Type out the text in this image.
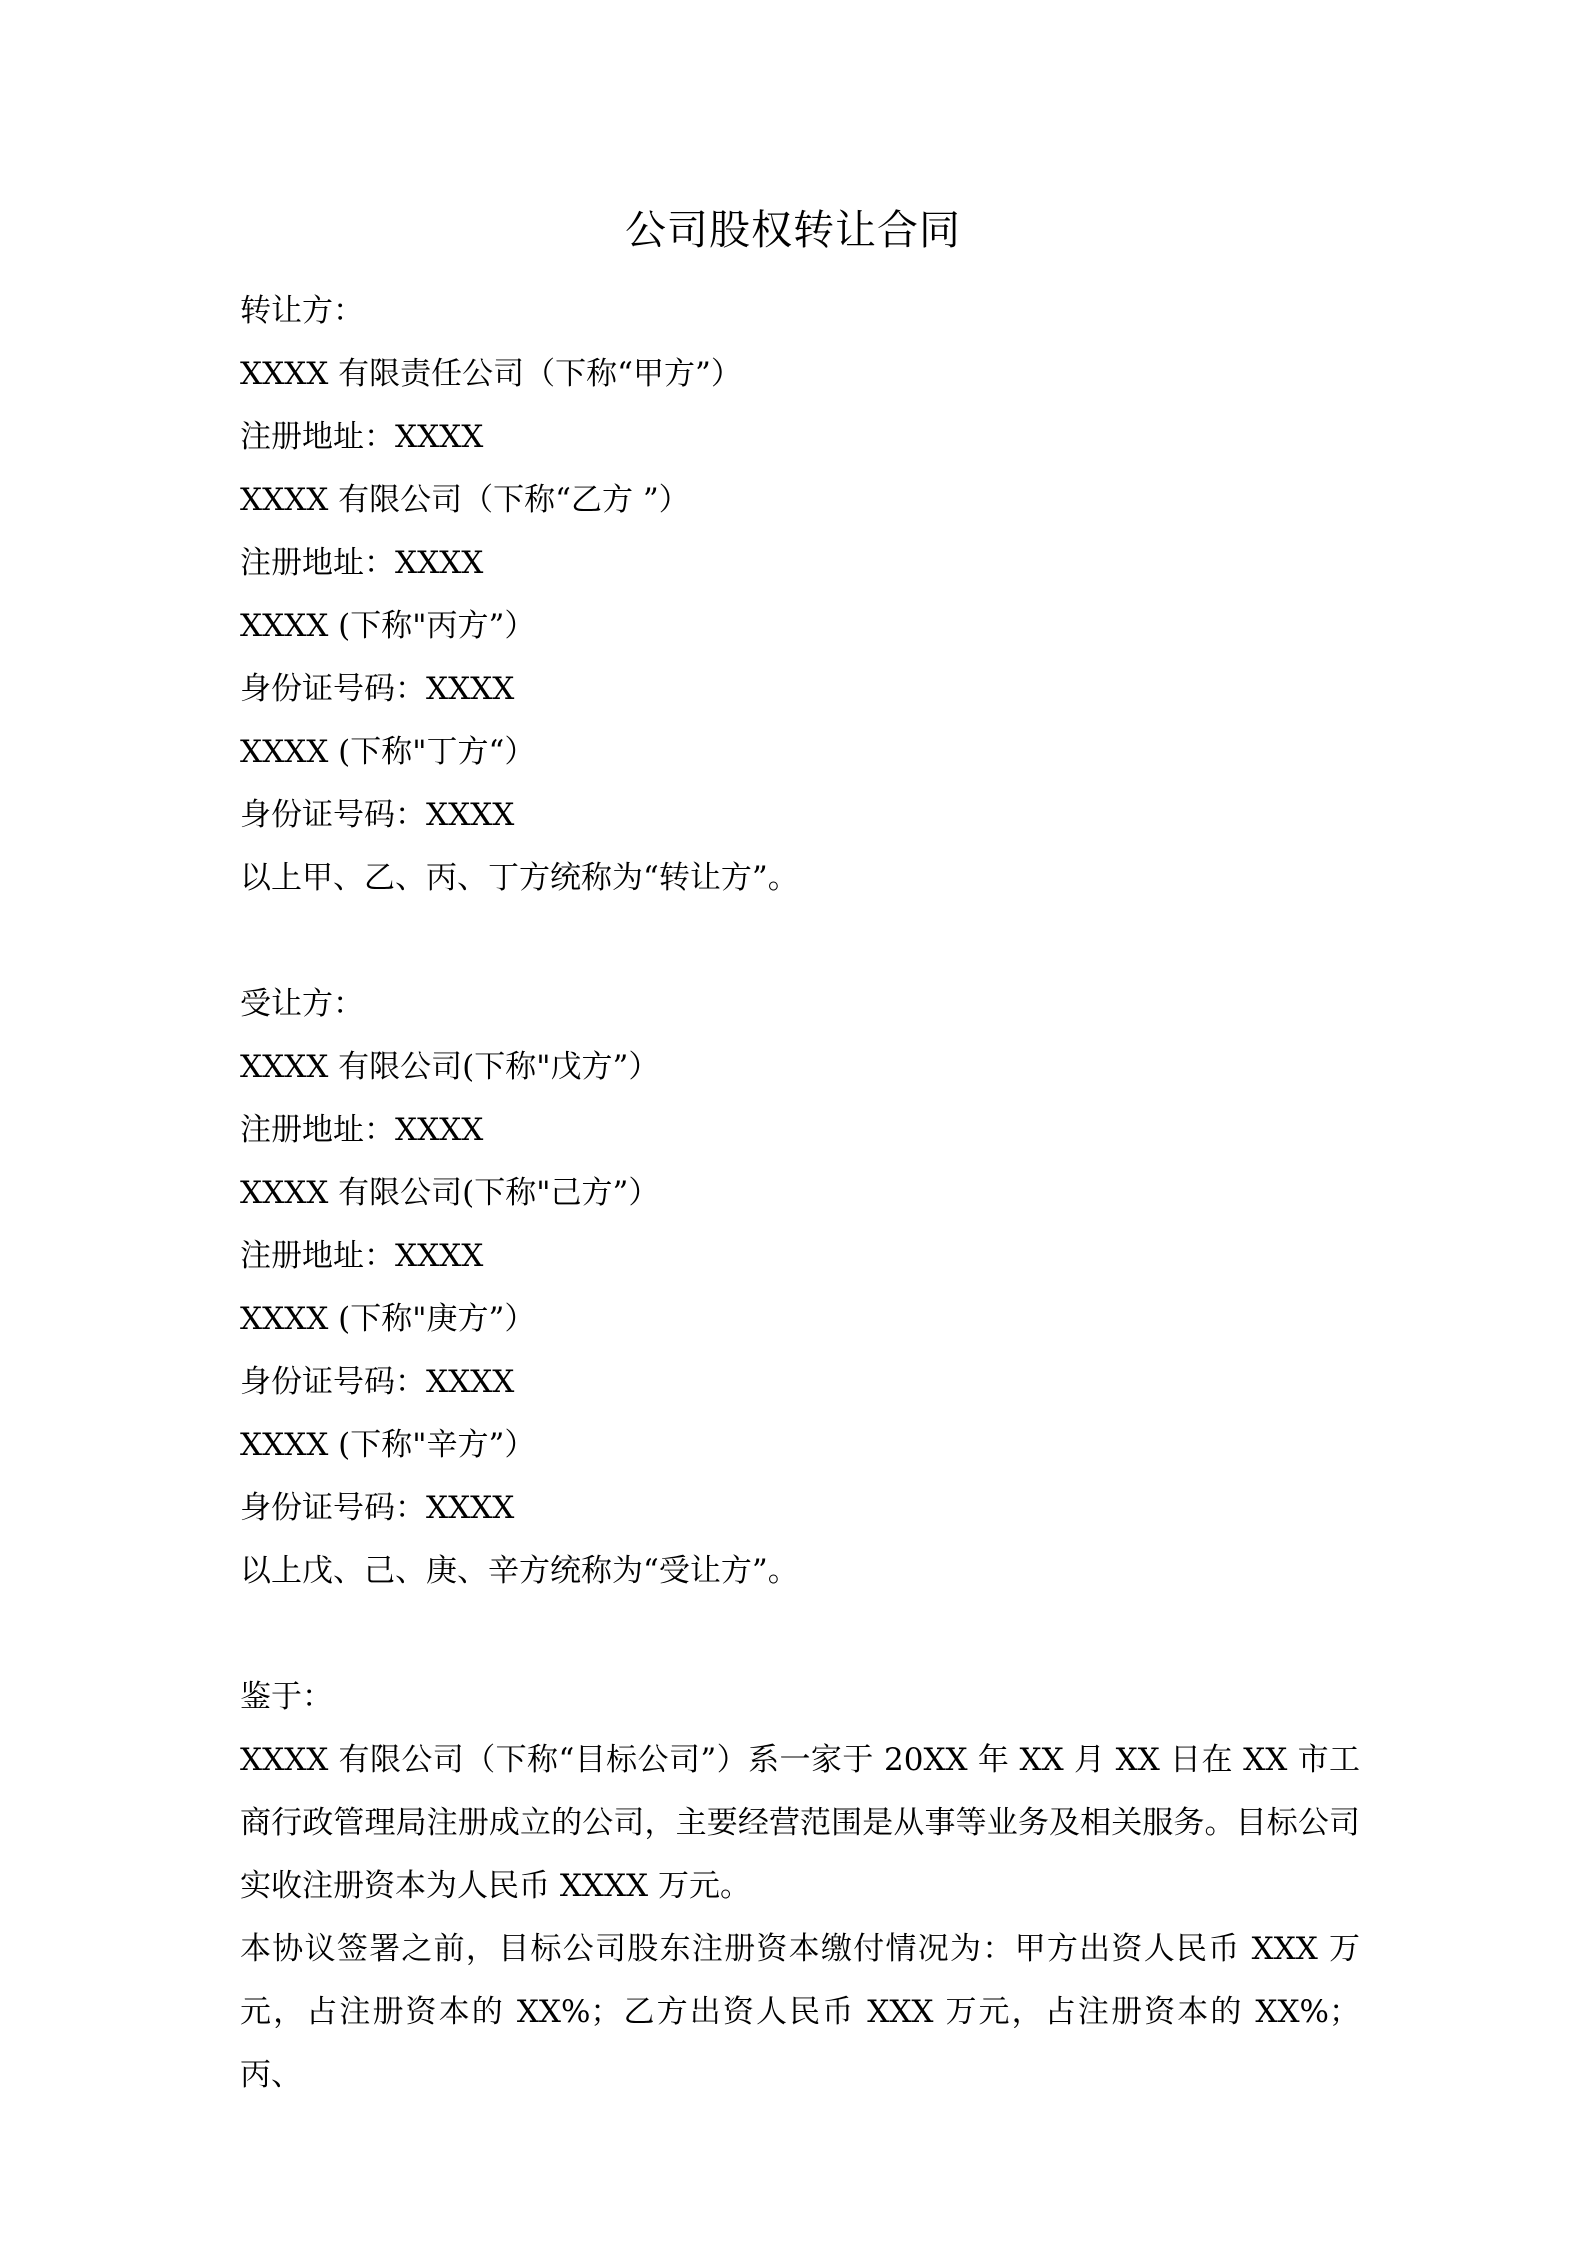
公司股权转让合同
转让方：
XXXX 有限责任公司（下称“甲方”）
注册地址：XXXX
XXXX 有限公司（下称“乙方 ”）
注册地址：XXXX
XXXX (下称"丙方”）
身份证号码：XXXX
XXXX (下称"丁方“）
身份证号码：XXXX
以上甲、乙、丙、丁方统称为“转让方”。
受让方：
XXXX 有限公司(下称"戊方”）
注册地址：XXXX
XXXX 有限公司(下称"己方”）
注册地址：XXXX
XXXX (下称"庚方”）
身份证号码：XXXX
XXXX (下称"辛方”）
身份证号码：XXXX
以上戊、己、庚、辛方统称为“受让方”。
鉴于：
XXXX 有限公司（下称“目标公司”）系一家于 20XX 年 XX 月 XX 日在 XX 市工商行政管理局注册成立的公司，主要经营范围是从事等业务及相关服务。目标公司实收注册资本为人民币 XXXX 万元。
本协议签署之前，目标公司股东注册资本缴付情况为：甲方出资人民币 XXX 万元，占注册资本的 XX%；乙方出资人民币 XXX 万元，占注册资本的 XX%；丙、
